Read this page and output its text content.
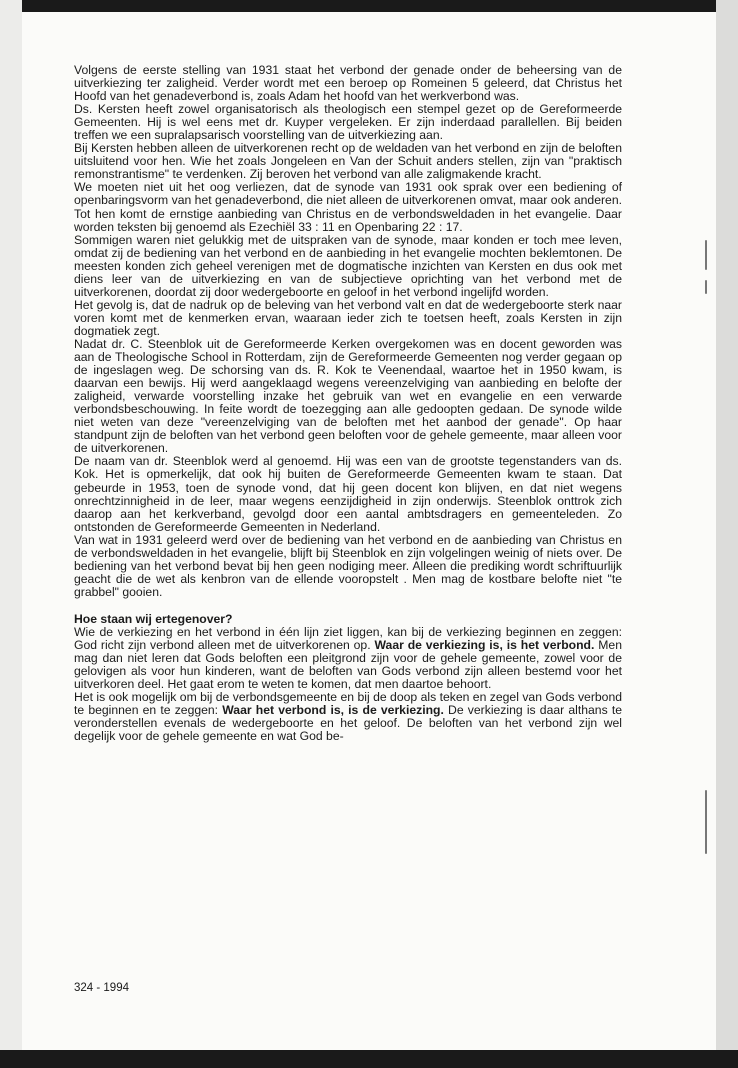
Volgens de eerste stelling van 1931 staat het verbond der genade onder de beheersing van de uitverkiezing ter zaligheid. Verder wordt met een beroep op Romeinen 5 geleerd, dat Christus het Hoofd van het genadeverbond is, zoals Adam het hoofd van het werkverbond was.

Ds. Kersten heeft zowel organisatorisch als theologisch een stempel gezet op de Gereformeerde Gemeenten. Hij is wel eens met dr. Kuyper vergeleken. Er zijn inderdaad parallellen. Bij beiden treffen we een supralapsarisch voorstelling van de uitverkiezing aan.

Bij Kersten hebben alleen de uitverkorenen recht op de weldaden van het verbond en zijn de beloften uitsluitend voor hen. Wie het zoals Jongeleen en Van der Schuit anders stellen, zijn van "praktisch remonstrantisme" te verdenken. Zij beroven het verbond van alle zaligmakende kracht.

We moeten niet uit het oog verliezen, dat de synode van 1931 ook sprak over een bediening of openbaringsvorm van het genadeverbond, die niet alleen de uitverkorenen omvat, maar ook anderen. Tot hen komt de ernstige aanbieding van Christus en de verbondsweldaden in het evangelie. Daar worden teksten bij genoemd als Ezechiël 33 : 11 en Openbaring 22 : 17.

Sommigen waren niet gelukkig met de uitspraken van de synode, maar konden er toch mee leven, omdat zij de bediening van het verbond en de aanbieding in het evangelie mochten beklemtonen. De meesten konden zich geheel verenigen met de dogmatische inzichten van Kersten en dus ook met diens leer van de uitverkiezing en van de subjectieve oprichting van het verbond met de uitverkorenen, doordat zij door wedergeboorte en geloof in het verbond ingelijfd worden.

Het gevolg is, dat de nadruk op de beleving van het verbond valt en dat de wedergeboorte sterk naar voren komt met de kenmerken ervan, waaraan ieder zich te toetsen heeft, zoals Kersten in zijn dogmatiek zegt.

Nadat dr. C. Steenblok uit de Gereformeerde Kerken overgekomen was en docent geworden was aan de Theologische School in Rotterdam, zijn de Gereformeerde Gemeenten nog verder gegaan op de ingeslagen weg. De schorsing van ds. R. Kok te Veenendaal, waartoe het in 1950 kwam, is daarvan een bewijs. Hij werd aangeklaagd wegens vereenzelviging van aanbieding en belofte der zaligheid, verwarde voorstelling inzake het gebruik van wet en evangelie en een verwarde verbondsbeschouwing. In feite wordt de toezegging aan alle gedoopten gedaan. De synode wilde niet weten van deze "vereenzelviging van de beloften met het aanbod der genade". Op haar standpunt zijn de beloften van het verbond geen beloften voor de gehele gemeente, maar alleen voor de uitverkorenen.

De naam van dr. Steenblok werd al genoemd. Hij was een van de grootste tegenstanders van ds. Kok. Het is opmerkelijk, dat ook hij buiten de Gereformeerde Gemeenten kwam te staan. Dat gebeurde in 1953, toen de synode vond, dat hij geen docent kon blijven, en dat niet wegens onrechtzinnigheid in de leer, maar wegens eenzijdigheid in zijn onderwijs. Steenblok onttrok zich daarop aan het kerkverband, gevolgd door een aantal ambtsdragers en gemeenteleden. Zo ontstonden de Gereformeerde Gemeenten in Nederland.

Van wat in 1931 geleerd werd over de bediening van het verbond en de aanbieding van Christus en de verbondsweldaden in het evangelie, blijft bij Steenblok en zijn volgelingen weinig of niets over. De bediening van het verbond bevat bij hen geen nodiging meer. Alleen die prediking wordt schriftuurlijk geacht die de wet als kenbron van de ellende vooropstelt . Men mag de kostbare belofte niet "te grabbel" gooien.

Hoe staan wij ertegenover?

Wie de verkiezing en het verbond in één lijn ziet liggen, kan bij de verkiezing beginnen en zeggen: God richt zijn verbond alleen met de uitverkorenen op. Waar de verkiezing is, is het verbond. Men mag dan niet leren dat Gods beloften een pleitgrond zijn voor de gehele gemeente, zowel voor de gelovigen als voor hun kinderen, want de beloften van Gods verbond zijn alleen bestemd voor het uitverkoren deel. Het gaat erom te weten te komen, dat men daartoe behoort.

Het is ook mogelijk om bij de verbondsgemeente en bij de doop als teken en zegel van Gods verbond te beginnen en te zeggen: Waar het verbond is, is de verkiezing. De verkiezing is daar althans te veronderstellen evenals de wedergeboorte en het geloof. De beloften van het verbond zijn wel degelijk voor de gehele gemeente en wat God be-

324 - 1994
